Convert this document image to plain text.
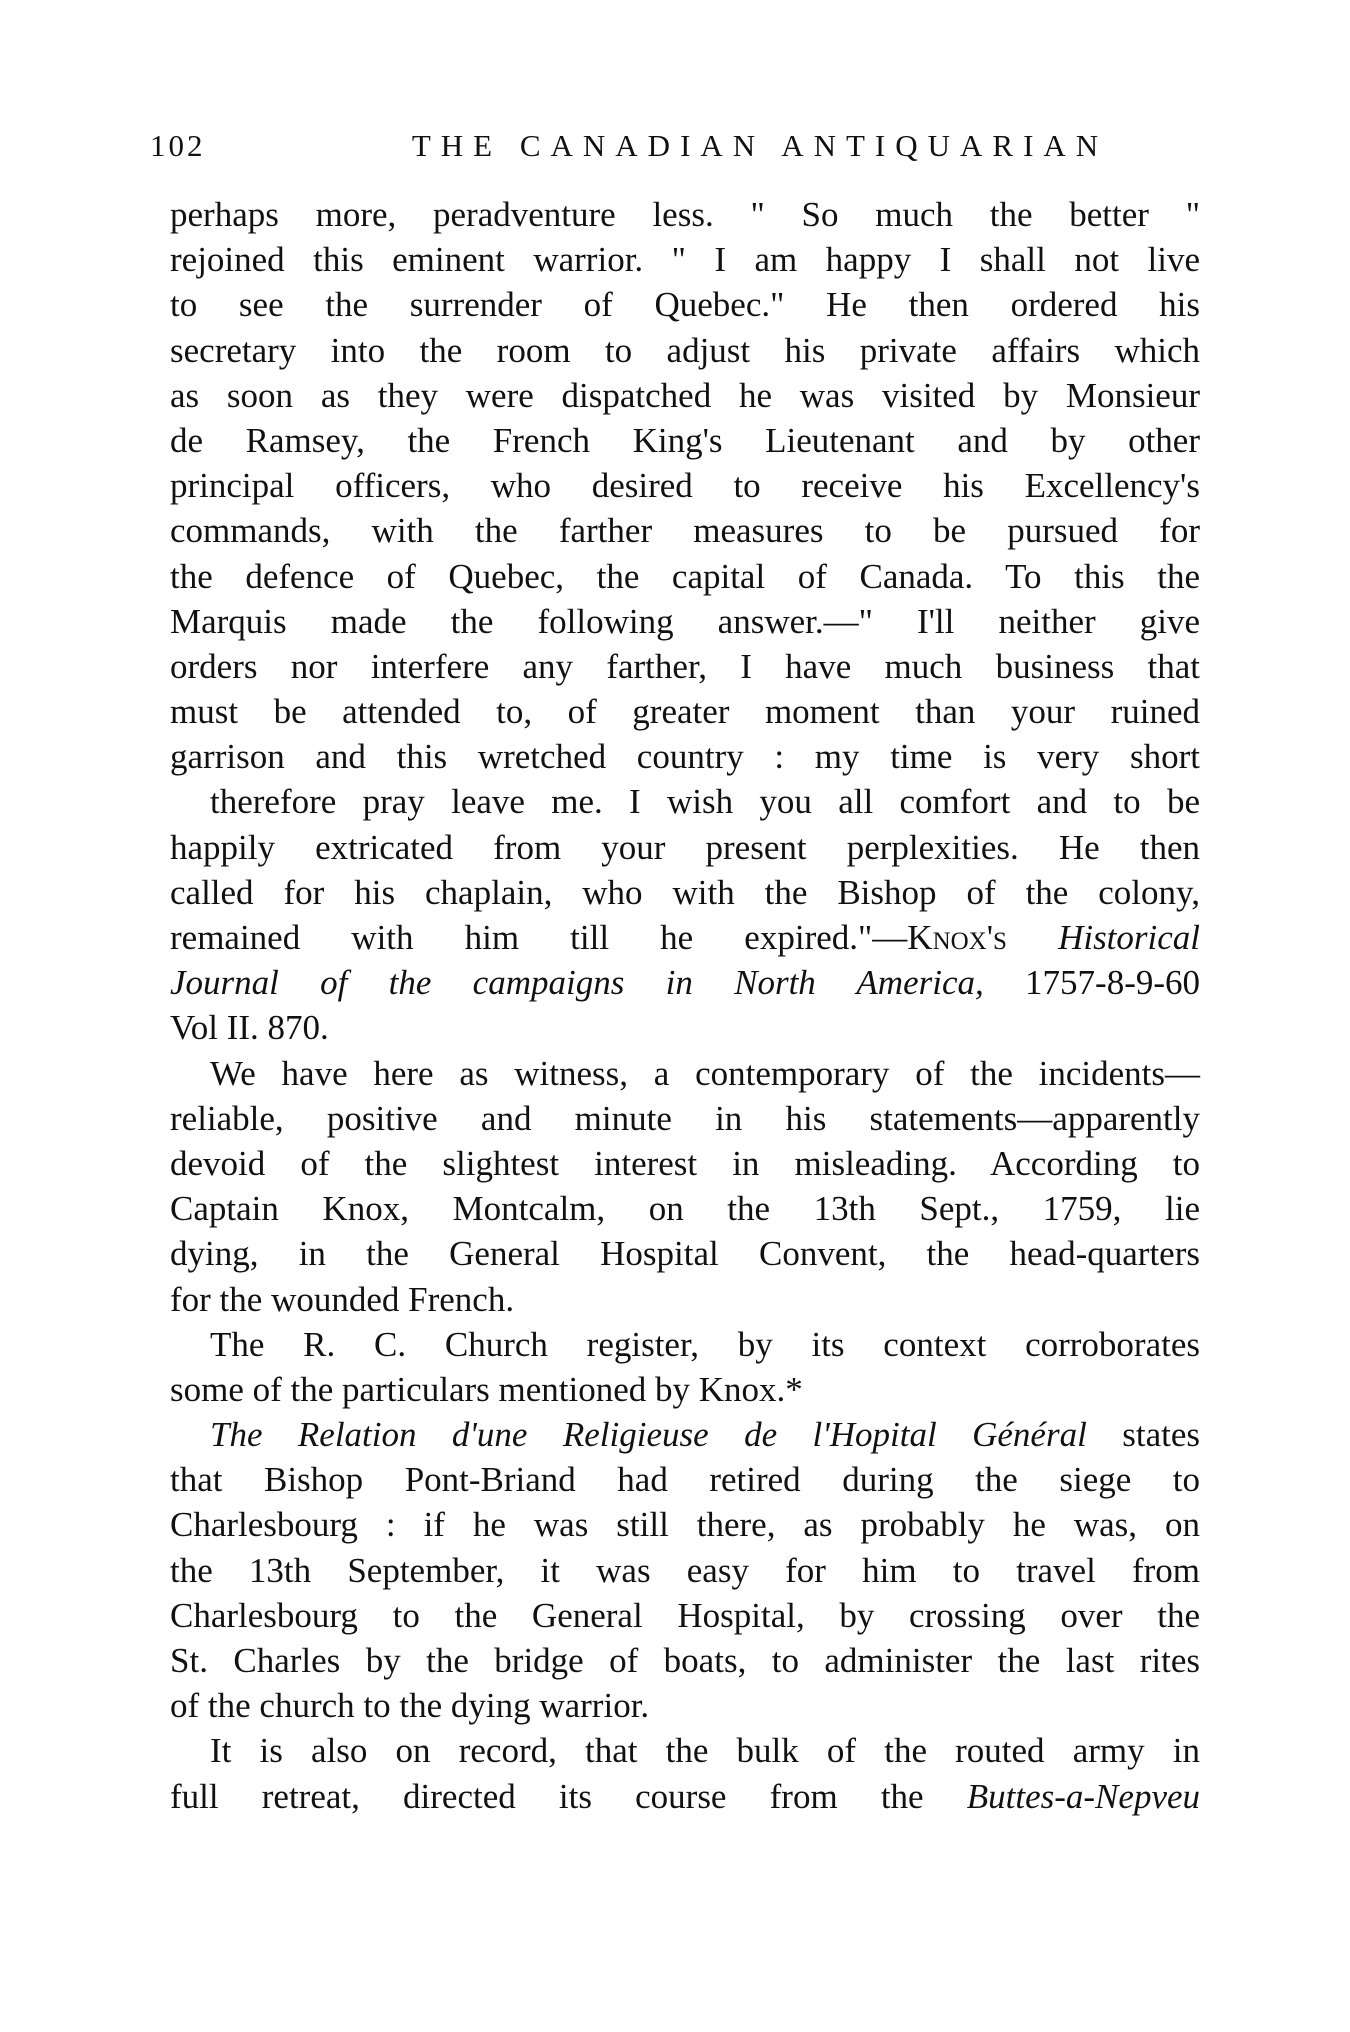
102	THE CANADIAN ANTIQUARIAN
perhaps more, peradventure less. " So much the better "
rejoined this eminent warrior. " I am happy I shall not live
to see the surrender of Quebec." He then ordered his
secretary into the room to adjust his private affairs which
as soon as they were dispatched he was visited by Monsieur
de Ramsey, the French King's Lieutenant and by other
principal officers, who desired to receive his Excellency's
commands, with the farther measures to be pursued for
the defence of Quebec, the capital of Canada. To this the
Marquis made the following answer.—" I'll neither give
orders nor interfere any farther, I have much business that
must be attended to, of greater moment than your ruined
garrison and this wretched country : my time is very short
therefore pray leave me. I wish you all comfort and to be
happily extricated from your present perplexities. He then
called for his chaplain, who with the Bishop of the colony,
remained with him till he expired."—Knox's Historical
Journal of the campaigns in North America, 1757-8-9-60
Vol II. 870.
We have here as witness, a contemporary of the incidents—
reliable, positive and minute in his statements—apparently
devoid of the slightest interest in misleading. According to
Captain Knox, Montcalm, on the 13th Sept., 1759, lie
dying, in the General Hospital Convent, the head-quarters
for the wounded French.
The R. C. Church register, by its context corroborates
some of the particulars mentioned by Knox.*
The Relation d'une Religieuse de l'Hopital Général states
that Bishop Pont-Briand had retired during the siege to
Charlesbourg : if he was still there, as probably he was, on
the 13th September, it was easy for him to travel from
Charlesbourg to the General Hospital, by crossing over the
St. Charles by the bridge of boats, to administer the last rites
of the church to the dying warrior.
It is also on record, that the bulk of the routed army in
full retreat, directed its course from the Buttes-a-Nepveu
